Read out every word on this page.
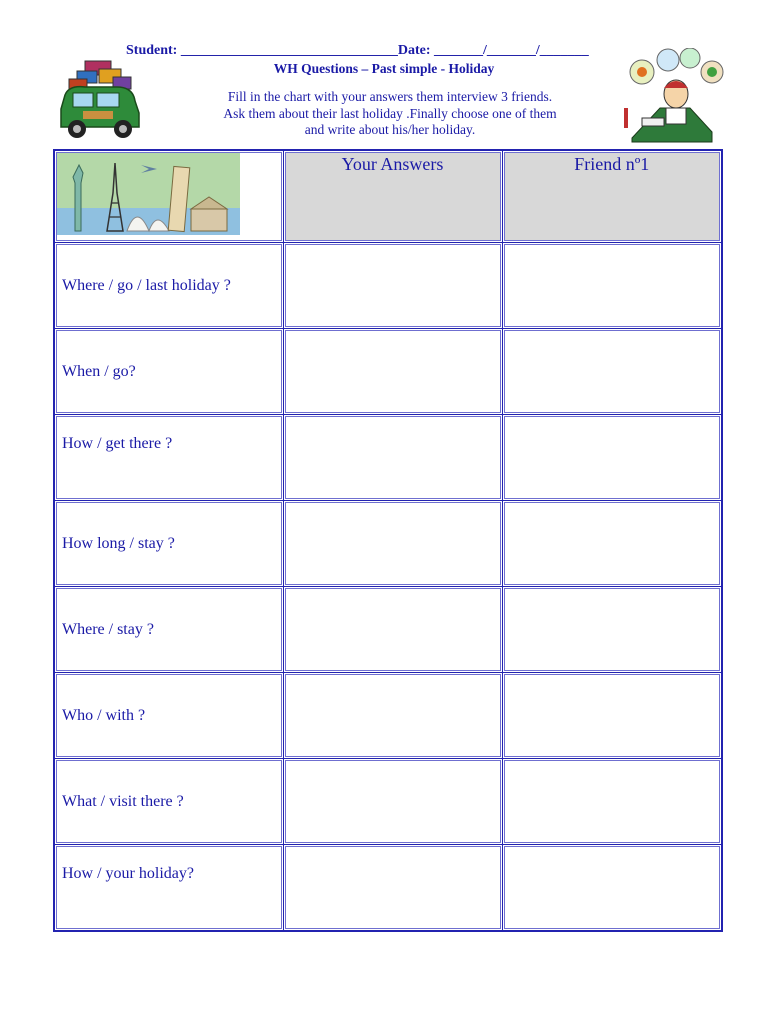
Student: _______________________________Date: _______/_______/_______
WH Questions – Past simple - Holiday
Fill in the chart with your answers them interview 3 friends.
Ask them about their last holiday .Finally choose one of them
and write about his/her holiday.
	Your Answers	Friend nº1
Where / go / last holiday ?		
When / go?		
How / get there ?		
How long / stay ?		
Where / stay ?		
Who / with ?		
What / visit there ?		
How / your holiday?		
